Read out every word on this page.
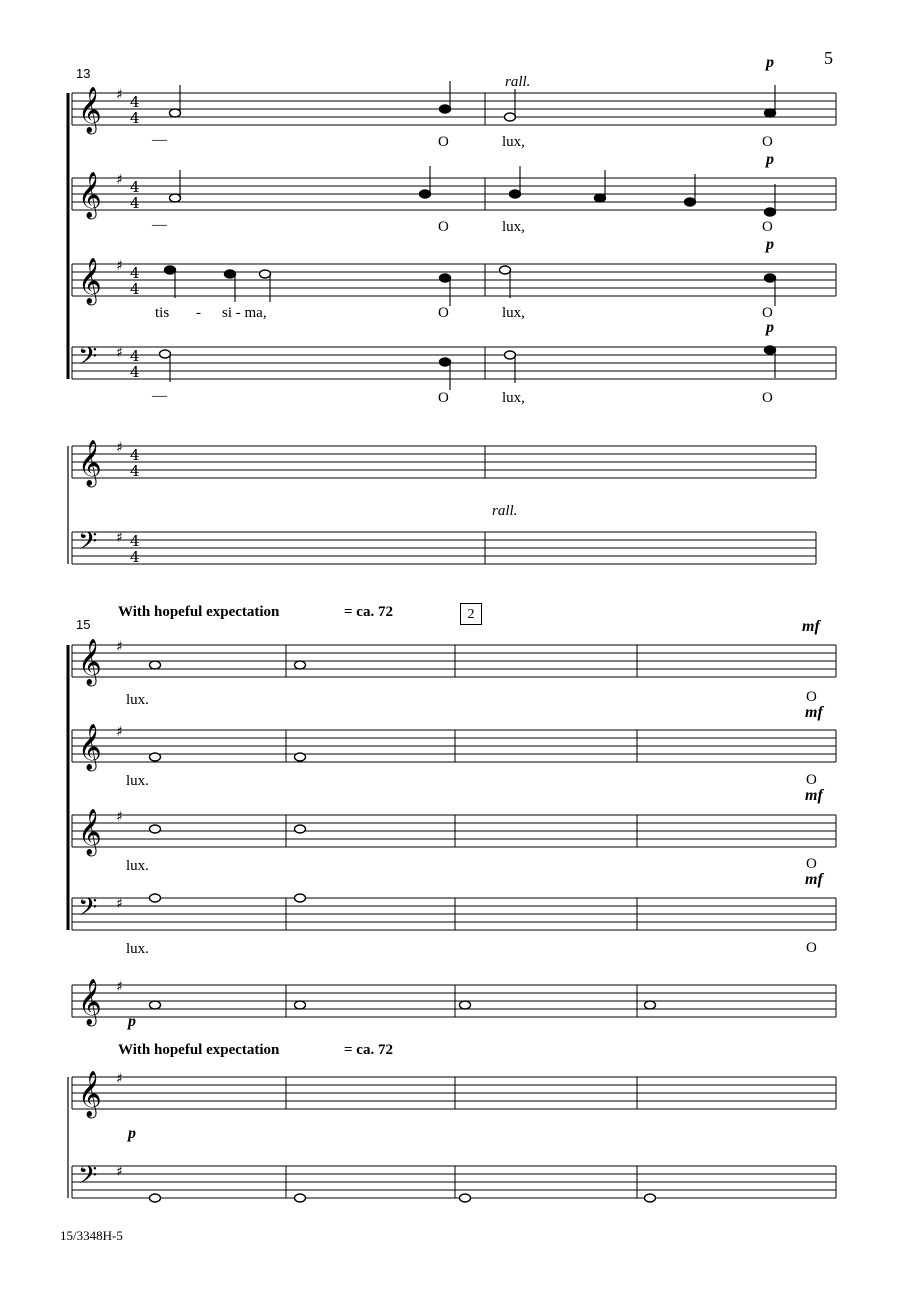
𝄞 ♯ 4
4
𝄞 ♯ 4
4
𝄞 ♯ 4
4
𝄢 ♯ 4
4
𝄞 ♯ 4
4
𝄢 ♯ 4
4
𝄞 ♯
𝄞 ♯
𝄞 ♯
𝄢 ♯
𝄞 ♯
𝄞 ♯
𝄢 ♯
5
13
15
rall.
rall.
p
p
p
p
—	O	lux,	O
—	O	lux,	O
tis - si - ma,	O	lux,	O
—	O	lux,	O
With hopeful expectation	= ca. 72	2
With hopeful expectation	= ca. 72
mf
mf
mf
mf
p
p
lux.	O
lux.	O
lux.	O
lux.	O
15/3348H-5
